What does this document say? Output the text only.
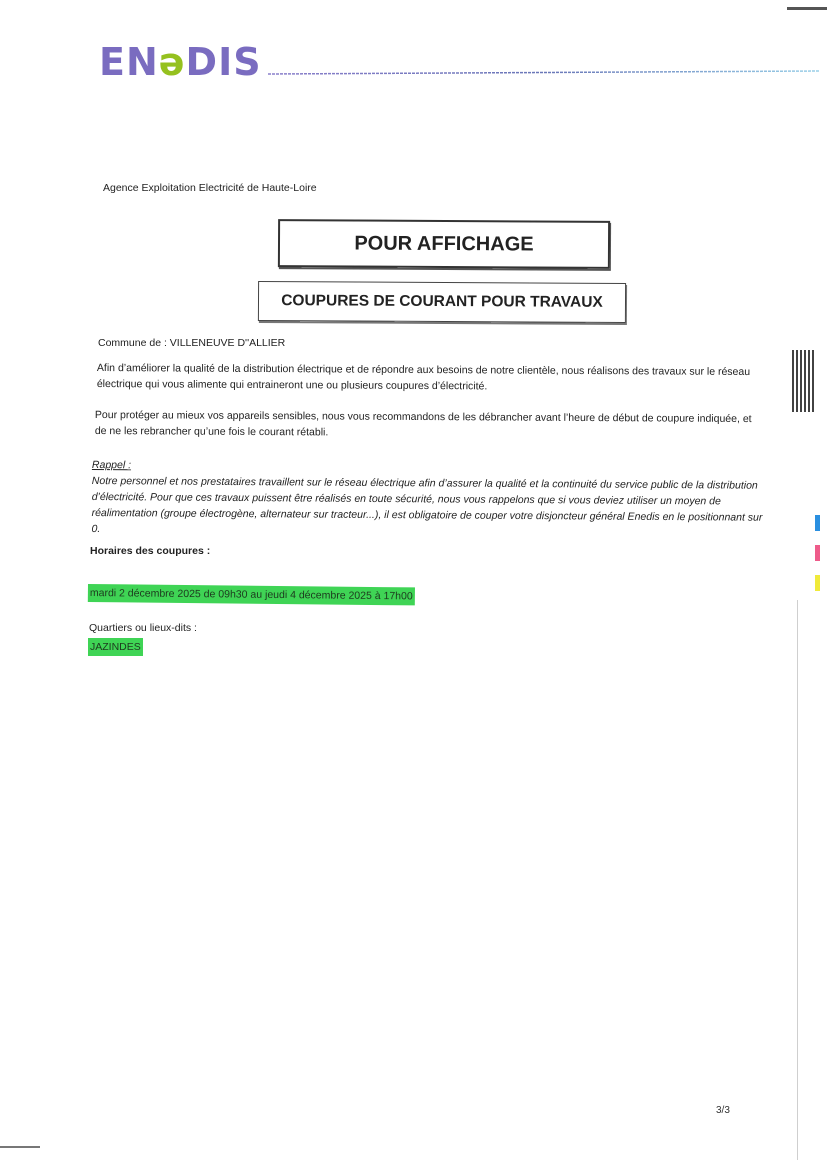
ENəDIS
Agence Exploitation Electricité de Haute-Loire
POUR AFFICHAGE
COUPURES DE COURANT POUR TRAVAUX
Commune de : VILLENEUVE D''ALLIER
Afin d’améliorer la qualité de la distribution électrique et de répondre aux besoins de notre clientèle, nous réalisons des travaux sur le réseau électrique qui vous alimente qui entraineront une ou plusieurs coupures d’électricité.
Pour protéger au mieux vos appareils sensibles, nous vous recommandons de les débrancher avant l’heure de début de coupure indiquée, et de ne les rebrancher qu’une fois le courant rétabli.
Rappel :
Notre personnel et nos prestataires travaillent sur le réseau électrique afin d’assurer la qualité et la continuité du service public de la distribution d’électricité. Pour que ces travaux puissent être réalisés en toute sécurité, nous vous rappelons que si vous deviez utiliser un moyen de réalimentation (groupe électrogène, alternateur sur tracteur...), il est obligatoire de couper votre disjoncteur général Enedis en le positionnant sur 0.
Horaires des coupures :
mardi 2 décembre 2025 de 09h30 au jeudi 4 décembre 2025 à 17h00
Quartiers ou lieux-dits :
JAZINDES
3/3
